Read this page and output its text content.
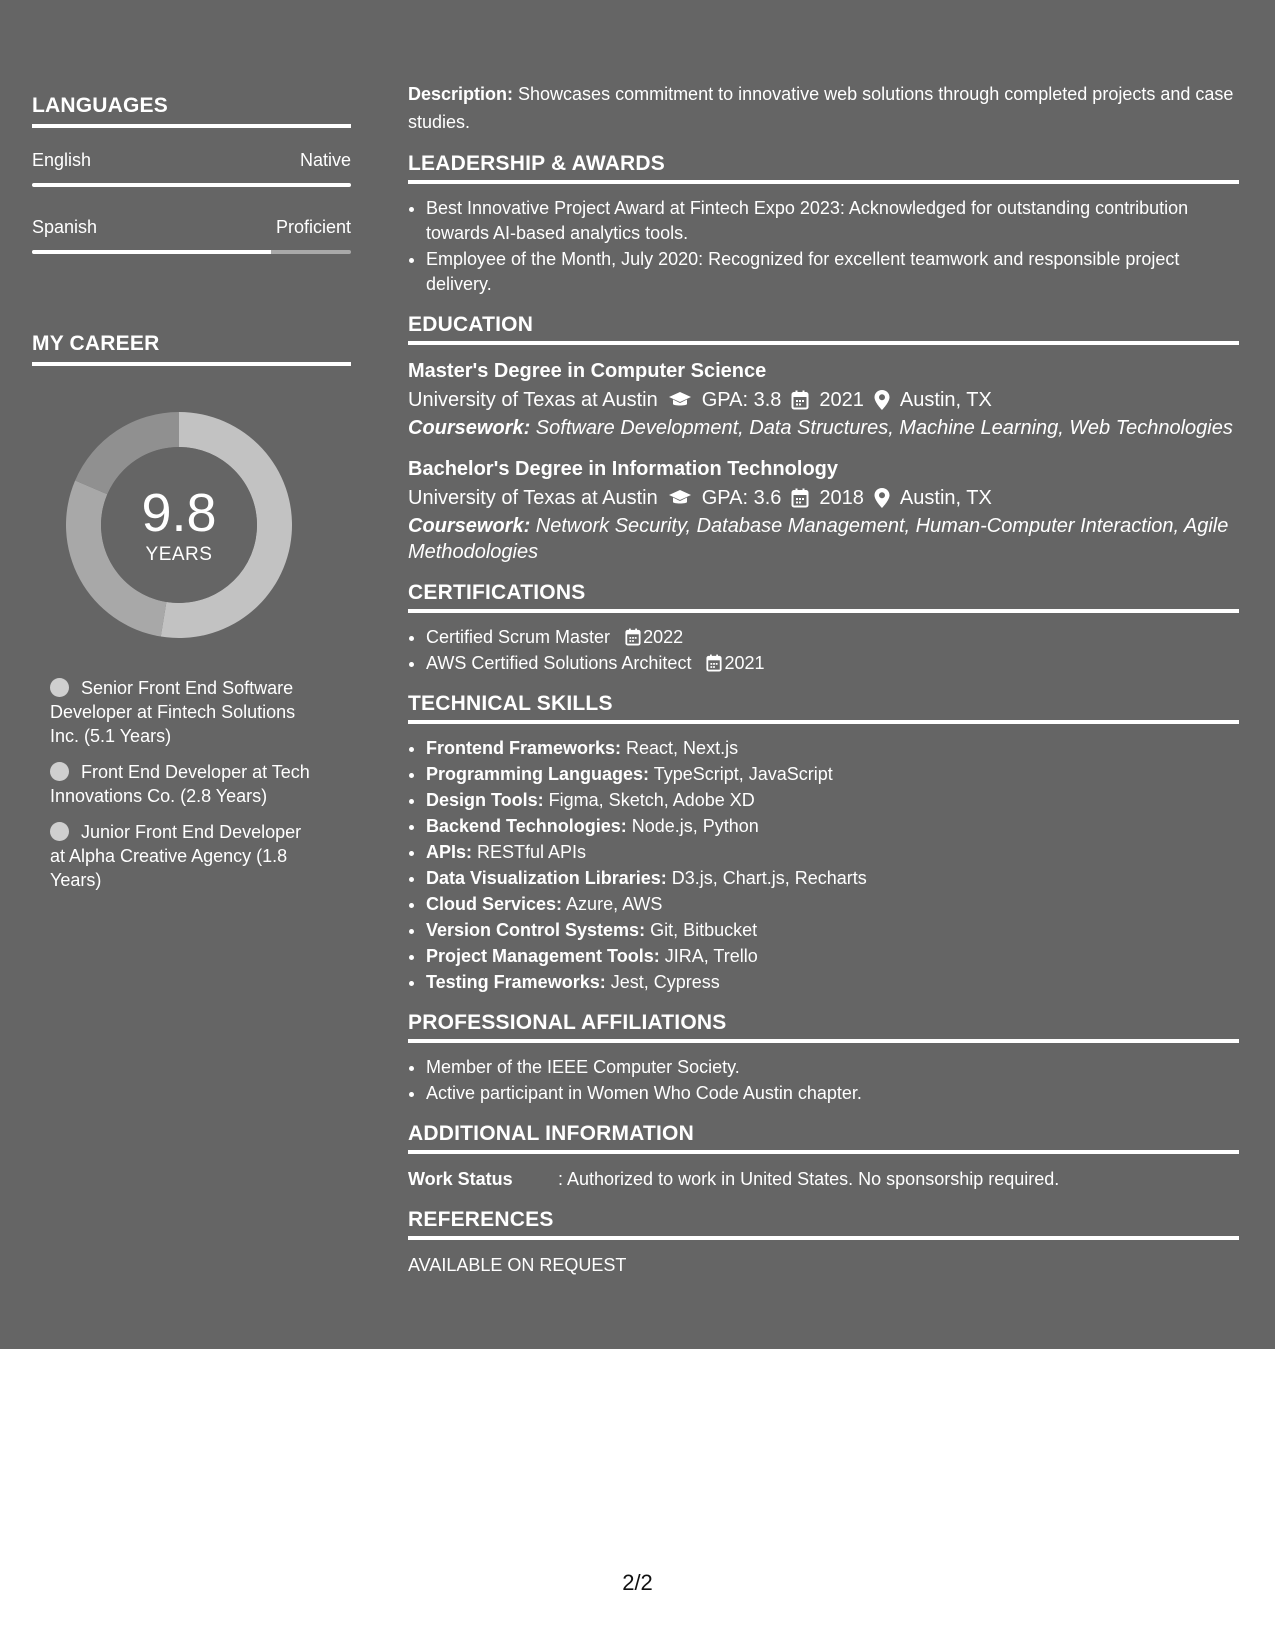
LANGUAGES
English	Native
Spanish	Proficient
MY CAREER
9.8
YEARS
Senior Front End Software Developer at Fintech Solutions Inc. (5.1 Years)
Front End Developer at Tech Innovations Co. (2.8 Years)
Junior Front End Developer at Alpha Creative Agency (1.8 Years)

Description: Showcases commitment to innovative web solutions through completed projects and case studies.

LEADERSHIP & AWARDS
• Best Innovative Project Award at Fintech Expo 2023: Acknowledged for outstanding contribution towards AI-based analytics tools.
• Employee of the Month, July 2020: Recognized for excellent teamwork and responsible project delivery.
EDUCATION
Master's Degree in Computer Science
University of Texas at Austin GPA: 3.8 2021 Austin, TX
Coursework: Software Development, Data Structures, Machine Learning, Web Technologies
Bachelor's Degree in Information Technology
University of Texas at Austin GPA: 3.6 2018 Austin, TX
Coursework: Network Security, Database Management, Human-Computer Interaction, Agile Methodologies
CERTIFICATIONS
• Certified Scrum Master 2022
• AWS Certified Solutions Architect 2021
TECHNICAL SKILLS
• Frontend Frameworks: React, Next.js
• Programming Languages: TypeScript, JavaScript
• Design Tools: Figma, Sketch, Adobe XD
• Backend Technologies: Node.js, Python
• APIs: RESTful APIs
• Data Visualization Libraries: D3.js, Chart.js, Recharts
• Cloud Services: Azure, AWS
• Version Control Systems: Git, Bitbucket
• Project Management Tools: JIRA, Trello
• Testing Frameworks: Jest, Cypress
PROFESSIONAL AFFILIATIONS
• Member of the IEEE Computer Society.
• Active participant in Women Who Code Austin chapter.
ADDITIONAL INFORMATION
Work Status	: Authorized to work in United States. No sponsorship required.
REFERENCES
AVAILABLE ON REQUEST
2/2
